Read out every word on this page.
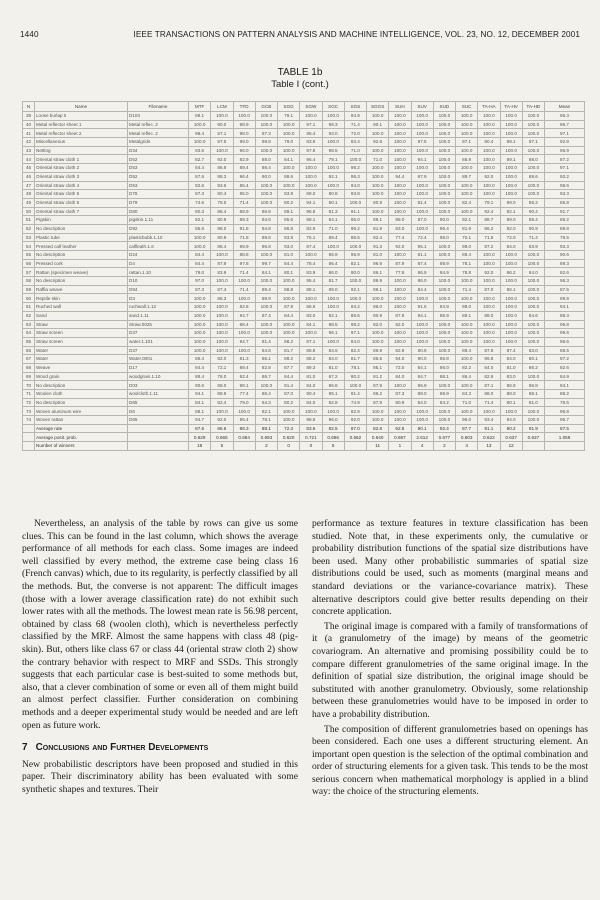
1440	IEEE TRANSACTIONS ON PATTERN ANALYSIS AND MACHINE INTELLIGENCE, VOL. 23, NO. 12, DECEMBER 2001
TABLE 1b
Table I (cont.)
N	Name	Filename	MTF	LCM	TFD	GCB	SGG	SGW	SGC	SGS	SGGS	SUH	SUV	SUD	SUC	TA-HA	TA-HV	TA-HD	Mean
39	Loose burlap II	D103	88.1	100.0	100.0	100.0	79.1	100.0	100.0	94.9	100.0	100.0	100.0	100.0	100.0	100.0	100.0	100.0	96.3
40	Metal reflector sheet 1	Metal reflec. 2	100.0	90.0	98.9	100.0	100.0	97.1	98.3	71.4	90.1	100.0	100.0	100.0	100.0	100.0	100.0	100.0	96.7
41	Metal reflector sheet 2	Metal reflec. 2	98.4	97.1	98.0	97.3	100.0	95.4	93.0	72.0	100.0	100.0	100.0	100.0	100.0	100.0	100.0	100.0	97.1
42	Miscellaneous	Metalgrids	100.0	97.5	99.0	98.8	79.0	83.9	100.0	83.4	92.8	100.0	97.5	100.0	97.1	90.4	89.1	87.1	92.8
43	Netting	D34	93.6	100.0	96.0	100.0	100.0	97.8	98.5	71.0	100.0	100.0	100.0	100.0	100.0	100.0	100.0	100.0	96.9
44	Oriental straw cloth 1	D52	82.7	92.0	82.9	88.0	84.1	95.4	79.1	100.0	71.0	100.0	94.1	100.0	86.9	100.0	89.1	88.0	87.2
45	Oriental straw cloth 2	D53	84.4	86.8	89.4	88.4	100.0	100.0	100.0	98.2	100.0	100.0	100.0	100.0	100.0	100.0	100.0	100.0	97.1
46	Oriental straw cloth 3	D52	87.6	88.3	96.4	90.0	88.6	100.0	92.1	95.3	100.0	94.4	87.9	100.0	89.7	92.0	100.0	88.6	93.2
47	Oriental straw cloth 4	D53	82.6	93.6	85.4	100.0	100.0	100.0	100.0	94.0	100.0	100.0	100.0	100.0	100.0	100.0	100.0	100.0	98.6
48	Oriental straw cloth 5	D78	87.3	80.4	95.0	100.0	83.9	69.0	80.8	93.8	100.0	100.0	100.0	100.0	100.0	100.0	100.0	100.0	93.3
49	Oriental straw cloth 6	D79	74.6	78.5	71.4	100.0	80.2	94.1	80.1	100.0	80.9	100.0	81.4	100.0	82.4	79.1	89.0	86.2	85.8
50	Oriental straw cloth 7	D80	80.3	86.4	88.9	86.8	89.1	96.8	81.3	91.1	100.0	100.0	100.0	100.0	100.0	92.4	92.1	90.4	91.7
51	Pigskin	pigskin.1.11	82.1	80.9	89.3	94.6	85.6	88.1	84.1	95.0	89.1	88.0	87.0	90.0	92.1	88.7	89.0	88.4	88.2
52	No description	D92	86.8	98.0	91.8	94.8	86.8	82.9	71.0	96.2	81.9	83.0	100.0	96.4	81.9	86.2	92.0	90.9	89.8
53	Plastic tube	plasticbubb.1.10	100.0	80.9	71.8	89.6	83.8	75.1	89.4	86.5	82.4	77.4	72.4	98.0	70.1	71.5	72.0	71.4	79.5
54	Pressed calf leather	calfleath.1.6	100.0	88.4	99.9	96.8	93.0	87.4	100.0	100.0	91.3	92.0	95.1	100.0	98.0	87.2	84.0	83.9	93.3
55	No description	D24	84.4	100.0	88.8	100.0	81.0	100.0	86.9	96.9	81.0	100.0	81.1	100.0	88.4	100.0	100.0	100.0	90.6
56	Pressed cork	D4	84.4	87.9	97.8	99.7	84.4	78.4	86.4	82.1	96.9	87.9	87.4	89.9	78.1	100.0	100.0	100.0	89.3
57	Rattan (specimen weave)	rattan.1.10	78.0	83.9	71.4	84.1	80.1	83.9	86.0	90.0	86.1	77.8	86.9	84.9	78.8	92.0	86.2	84.0	82.6
58	No description	D10	97.0	100.0	100.0	100.0	100.0	95.4	81.7	100.0	86.9	100.0	86.0	100.0	100.0	100.0	100.0	100.0	96.3
59	Raffia weave	D84	87.3	87.4	71.4	89.4	86.9	88.1	89.0	92.1	86.1	100.0	84.4	100.0	71.4	87.0	86.1	100.0	87.5
60	Reptile skin	D3	100.0	88.3	100.0	99.9	100.0	100.0	100.0	100.0	100.0	100.0	100.0	100.0	100.0	100.0	100.0	100.0	99.8
61	Ruched wall	ruchwall.1.12	100.0	100.0	82.8	100.0	87.8	86.6	100.0	84.2	86.0	100.0	91.6	84.9	98.0	100.0	100.0	100.0	94.1
62	Sand	sand.1.11	100.0	100.0	94.7	87.4	84.4	83.0	82.1	86.6	80.9	87.8	94.1	85.9	89.1	88.0	100.0	84.6	89.3
63	Straw	Straw.0025	100.0	100.0	88.4	100.0	100.0	84.1	98.5	98.2	82.0	82.0	100.0	100.0	100.0	100.0	100.0	100.0	95.8
64	Straw screen	D37	100.0	100.0	100.0	100.0	100.0	100.0	96.1	97.1	100.0	100.0	100.0	100.0	100.0	100.0	100.0	100.0	99.6
65	Straw screen	water.1.101	100.0	100.0	94.7	81.4	98.2	87.1	100.0	84.0	100.0	100.0	100.0	100.0	100.0	100.0	100.0	100.0	96.6
66	Water	D37	100.0	100.0	100.0	84.6	81.7	86.8	84.6	82.4	86.9	82.9	80.9	100.0	89.4	87.9	87.4	83.0	88.5
67	Water	Water.0001	86.4	82.0	81.3	86.1	88.2	88.2	84.0	81.7	86.5	94.0	90.0	86.8	100.0	96.8	84.0	80.1	87.2
68	Weave	D17	84.4	72.1	89.4	82.8	87.7	89.3	81.0	78.1	85.1	72.0	84.1	86.0	82.2	84.0	81.0	86.2	82.6
69	Wood grain	woodgrain.1.10	88.4	78.0	82.4	86.7	84.4	81.0	87.2	80.2	81.2	84.0	84.7	88.1	86.4	82.9	83.0	100.0	84.9
70	No description	D03	90.6	88.0	98.1	100.0	91.4	84.0	96.8	100.0	87.9	100.0	96.9	100.0	100.0	87.1	86.9	96.8	94.1
71	Woolen cloth	woolcloth.1.11	94.1	88.9	77.4	86.4	87.0	90.4	95.1	91.4	86.2	87.3	88.0	89.9	84.3	88.0	88.0	88.1	88.2
72	No description	D65	84.1	82.4	79.0	64.3	80.2	84.0	82.8	74.9	87.9	80.9	84.0	84.2	71.0	71.4	80.1	81.0	79.5
73	Woven aluminum wire	D6	88.1	100.0	100.0	82.1	100.0	100.0	100.0	82.9	100.0	100.0	100.0	100.0	100.0	100.0	100.0	100.0	96.8
74	Woven rattan	D65	94.7	92.0	96.4	78.1	100.0	98.6	96.0	92.0	100.0	100.0	100.0	100.0	96.0	93.4	94.0	100.0	95.7
	Average rate		87.6	86.6	86.3	88.1	72.3	83.6	82.5	87.0	82.8	92.9	90.1	92.4	87.7	91.1	90.2	91.9	87.5
	Average posit. prob.		0.629	0.665	0.684	0.693	0.620	0.721	0.696	0.662	0.640	0.697	2.612	0.677	0.603	0.622	0.637	0.637	1.059
	Number of winners		18	5		2	0	0	5		11	1	4	2	4	13	12		

Nevertheless, an analysis of the table by rows can give us some clues. This can be found in the last column, which shows the average performance of all methods for each class. Some images are indeed well classified by every method, the extreme case being class 16 (French canvas) which, due to its regularity, is perfectly classified by all the methods. But, the converse is not apparent: The difficult images (those with a lower average classification rate) do not exhibit such lower rates with all the methods. The lowest mean rate is 56.98 percent, obtained by class 68 (woolen cloth), which is nevertheless perfectly classified by the MRF. Almost the same happens with class 48 (pig-skin). But, others like class 67 or class 44 (oriental straw cloth 2) show the contrary behavior with respect to MRF and SSDs. This strongly suggests that each particular case is best-suited to some methods but, also, that a clever combination of some or even all of them might build an almost perfect classifier. Further consideration on combining methods and a deeper experimental study would be needed and are left open as future work.

7 Conclusions and Further Developments

New probabilistic descriptors have been proposed and studied in this paper. Their discriminatory ability has been evaluated with some synthetic shapes and textures. Their

performance as texture features in texture classification has been studied. Note that, in these experiments only, the cumulative or probability distribution functions of the spatial size distributions have been used. Many other probabilistic summaries of spatial size distributions could be used, such as moments (marginal means and standard deviations or the variance-covariance matrix). These alternative descriptors could give better results depending on their concrete application.

The original image is compared with a family of transformations of it (a granulometry of the image) by means of the geometric covariogram. An alternative and promising possibility could be to compare different granulometries of the same original image. In the definition of spatial size distribution, the original image should be substituted with another granulometry. Obviously, some relationship between these granulometries would have to be imposed in order to have a probability distribution.

The composition of different granulometries based on openings has been considered. Each one uses a different structuring element. An important open question is the selection of the optimal combination and order of structuring elements for a given task. This tends to be the most serious concern when mathematical morphology is applied in a blind way: the choice of the structuring elements.
